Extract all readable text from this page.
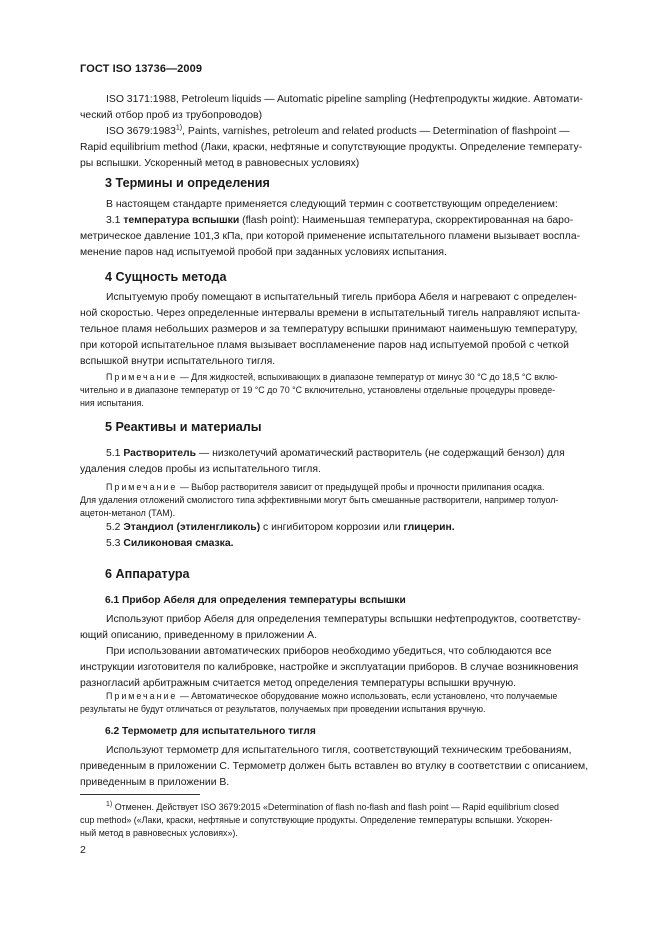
ГОСТ ISO 13736—2009
ISO 3171:1988, Petroleum liquids — Automatic pipeline sampling (Нефтепродукты жидкие. Автомати-
ческий отбор проб из трубопроводов)
ISO 3679:1983$^{1)}$, Paints, varnishes, petroleum and related products — Determination of flashpoint —
Rapid equilibrium method (Лаки, краски, нефтяные и сопутствующие продукты. Определение температу-
ры вспышки. Ускоренный метод в равновесных условиях)
3 Термины и определения
В настоящем стандарте применяется следующий термин с соответствующим определением:
3.1 температура вспышки (flash point): Наименьшая температура, скорректированная на баро-
метрическое давление 101,3 кПа, при которой применение испытательного пламени вызывает воспла-
менение паров над испытуемой пробой при заданных условиях испытания.
4 Сущность метода
Испытуемую пробу помещают в испытательный тигель прибора Абеля и нагревают с определен-
ной скоростью. Через определенные интервалы времени в испытательный тигель направляют испыта-
тельное пламя небольших размеров и за температуру вспышки принимают наименьшую температуру,
при которой испытательное пламя вызывает воспламенение паров над испытуемой пробой с четкой
вспышкой внутри испытательного тигля.
Примечание — Для жидкостей, вспыхивающих в диапазоне температур от минус 30 °С до 18,5 °С вклю-
чительно и в диапазоне температур от 19 °С до 70 °С включительно, установлены отдельные процедуры проведе-
ния испытания.
5 Реактивы и материалы
5.1 Растворитель — низколетучий ароматический растворитель (не содержащий бензол) для
удаления следов пробы из испытательного тигля.
Примечание — Выбор растворителя зависит от предыдущей пробы и прочности прилипания осадка.
Для удаления отложений смолистого типа эффективными могут быть смешанные растворители, например толуол-
ацетон-метанол (ТАМ).
5.2 Этандиол (этиленгликоль) с ингибитором коррозии или глицерин.
5.3 Силиконовая смазка.
6 Аппаратура
6.1 Прибор Абеля для определения температуры вспышки
Используют прибор Абеля для определения температуры вспышки нефтепродуктов, соответству-
ющий описанию, приведенному в приложении А.
При использовании автоматических приборов необходимо убедиться, что соблюдаются все
инструкции изготовителя по калибровке, настройке и эксплуатации приборов. В случае возникновения
разногласий арбитражным считается метод определения температуры вспышки вручную.
Примечание — Автоматическое оборудование можно использовать, если установлено, что получаемые
результаты не будут отличаться от результатов, получаемых при проведении испытания вручную.
6.2 Термометр для испытательного тигля
Используют термометр для испытательного тигля, соответствующий техническим требованиям,
приведенным в приложении С. Термометр должен быть вставлен во втулку в соответствии с описанием,
приведенным в приложении В.
$^{1)}$ Отменен. Действует ISO 3679:2015 «Determination of flash no-flash and flash point — Rapid equilibrium closed
cup method» («Лаки, краски, нефтяные и сопутствующие продукты. Определение температуры вспышки. Ускорен-
ный метод в равновесных условиях»).
2
